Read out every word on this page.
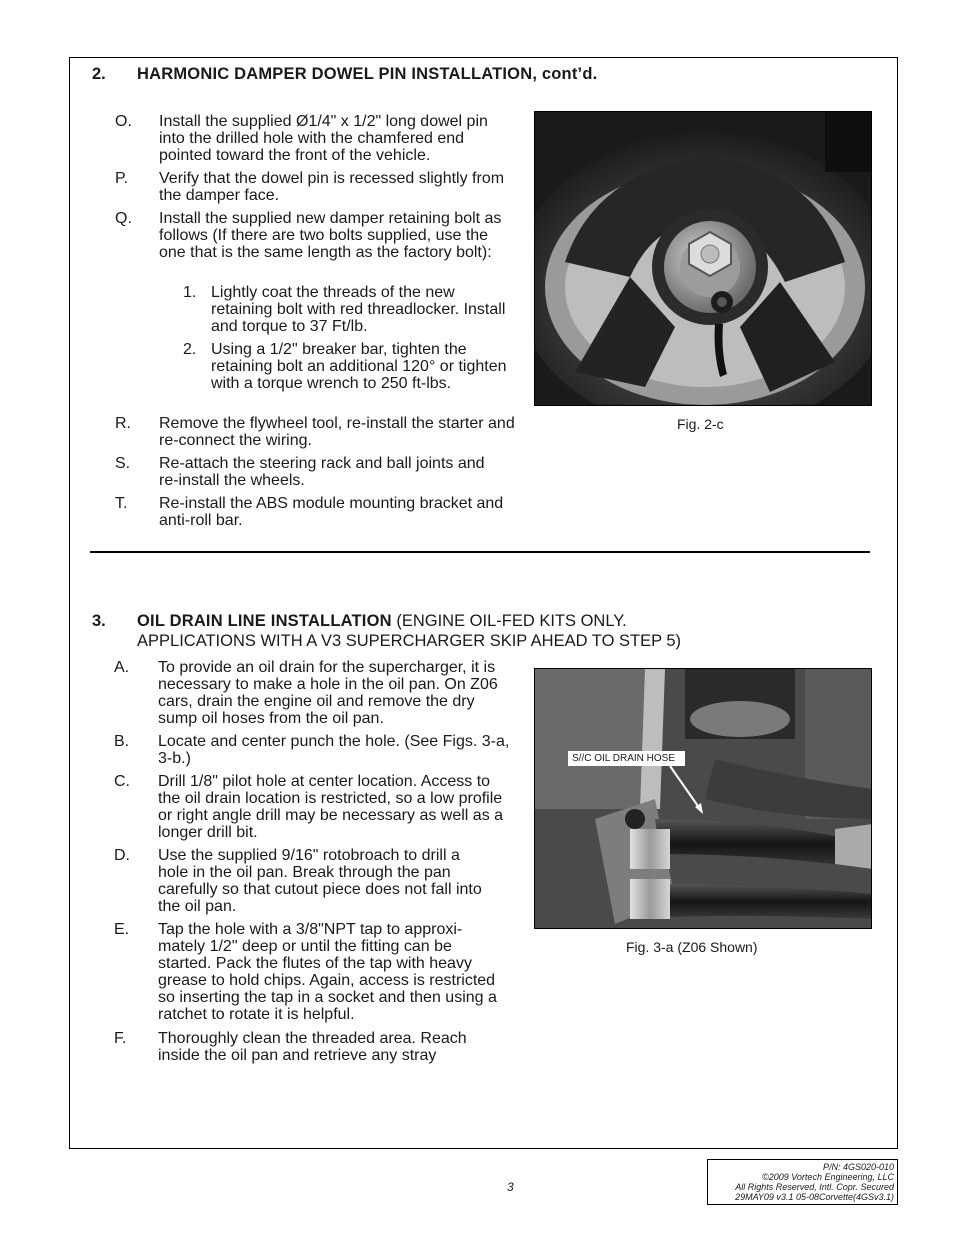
2. HARMONIC DAMPER DOWEL PIN INSTALLATION, cont’d.
O. Install the supplied Ø1/4" x 1/2" long dowel pin into the drilled hole with the chamfered end pointed toward the front of the vehicle.
P. Verify that the dowel pin is recessed slightly from the damper face.
Q. Install the supplied new damper retaining bolt as follows (If there are two bolts supplied, use the one that is the same length as the factory bolt):
1. Lightly coat the threads of the new retaining bolt with red threadlocker. Install and torque to 37 Ft/lb.
2. Using a 1/2" breaker bar, tighten the retaining bolt an additional 120° or tighten with a torque wrench to 250 ft-lbs.
R. Remove the flywheel tool, re-install the starter and re-connect the wiring.
S. Re-attach the steering rack and ball joints and re-install the wheels.
T. Re-install the ABS module mounting bracket and anti-roll bar.
Fig. 2-c
3. OIL DRAIN LINE INSTALLATION (ENGINE OIL-FED KITS ONLY.
APPLICATIONS WITH A V3 SUPERCHARGER SKIP AHEAD TO STEP 5)
A. To provide an oil drain for the supercharger, it is necessary to make a hole in the oil pan. On Z06 cars, drain the engine oil and remove the dry sump oil hoses from the oil pan.
B. Locate and center punch the hole. (See Figs. 3-a, 3-b.)
C. Drill 1/8" pilot hole at center location. Access to the oil drain location is restricted, so a low profile or right angle drill may be necessary as well as a longer drill bit.
D. Use the supplied 9/16" rotobroach to drill a hole in the oil pan. Break through the pan carefully so that cutout piece does not fall into the oil pan.
E. Tap the hole with a 3/8"NPT tap to approxi-mately 1/2" deep or until the fitting can be started. Pack the flutes of the tap with heavy grease to hold chips. Again, access is restricted so inserting the tap in a socket and then using a ratchet to rotate it is helpful.
F. Thoroughly clean the threaded area. Reach inside the oil pan and retrieve any stray
S//C OIL DRAIN HOSE
Fig. 3-a (Z06 Shown)
3
P/N: 4GS020-010
©2009 Vortech Engineering, LLC
All Rights Reserved, Intl. Copr. Secured
29MAY09 v3.1 05-08Corvette(4GSv3.1)
